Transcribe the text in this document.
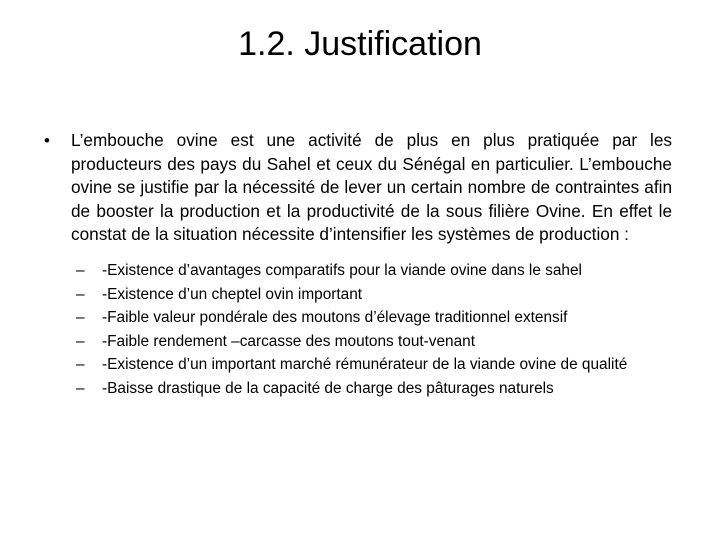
1.2. Justification
•	L’embouche ovine est une activité de plus en plus pratiquée par les producteurs des pays du Sahel et ceux du Sénégal en particulier. L’embouche ovine se justifie par la nécessité de lever un certain nombre de contraintes afin de booster la production et la productivité de la sous filière Ovine. En effet le constat de la situation nécessite d’intensifier les systèmes de production :
– -Existence d’avantages comparatifs pour la viande ovine dans le sahel
– -Existence d’un cheptel ovin important
– -Faible valeur pondérale des moutons d’élevage traditionnel extensif
– -Faible rendement –carcasse des moutons tout-venant
– -Existence d’un important marché rémunérateur de la viande ovine de qualité
– -Baisse drastique de la capacité de charge des pâturages naturels
